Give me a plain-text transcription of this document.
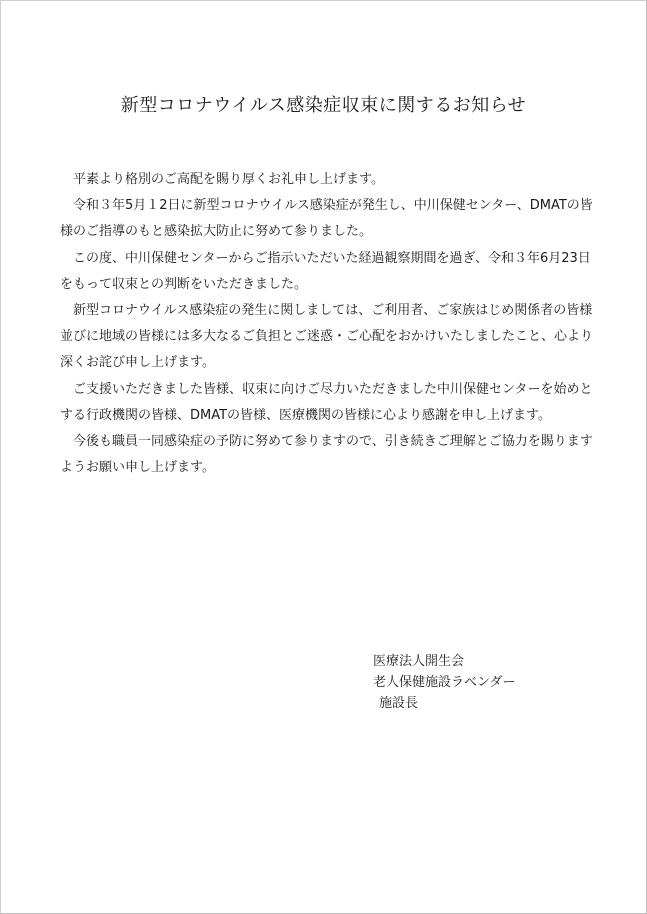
新型コロナウイルス感染症収束に関するお知らせ

平素より格別のご高配を賜り厚くお礼申し上げます。

令和３年5月１2日に新型コロナウイルス感染症が発生し、中川保健センター、DMATの皆様のご指導のもと感染拡大防止に努めて参りました。

この度、中川保健センターからご指示いただいた経過観察期間を過ぎ、令和３年6月23日をもって収束との判断をいただきました。

新型コロナウイルス感染症の発生に関しましては、ご利用者、ご家族はじめ関係者の皆様並びに地域の皆様には多大なるご負担とご迷惑・ご心配をおかけいたしましたこと、心より深くお詫び申し上げます。

ご支援いただきました皆様、収束に向けご尽力いただきました中川保健センターを始めとする行政機関の皆様、DMATの皆様、医療機関の皆様に心より感謝を申し上げます。

今後も職員一同感染症の予防に努めて参りますので、引き続きご理解とご協力を賜りますようお願い申し上げます。

医療法人開生会
老人保健施設ラベンダー
施設長
